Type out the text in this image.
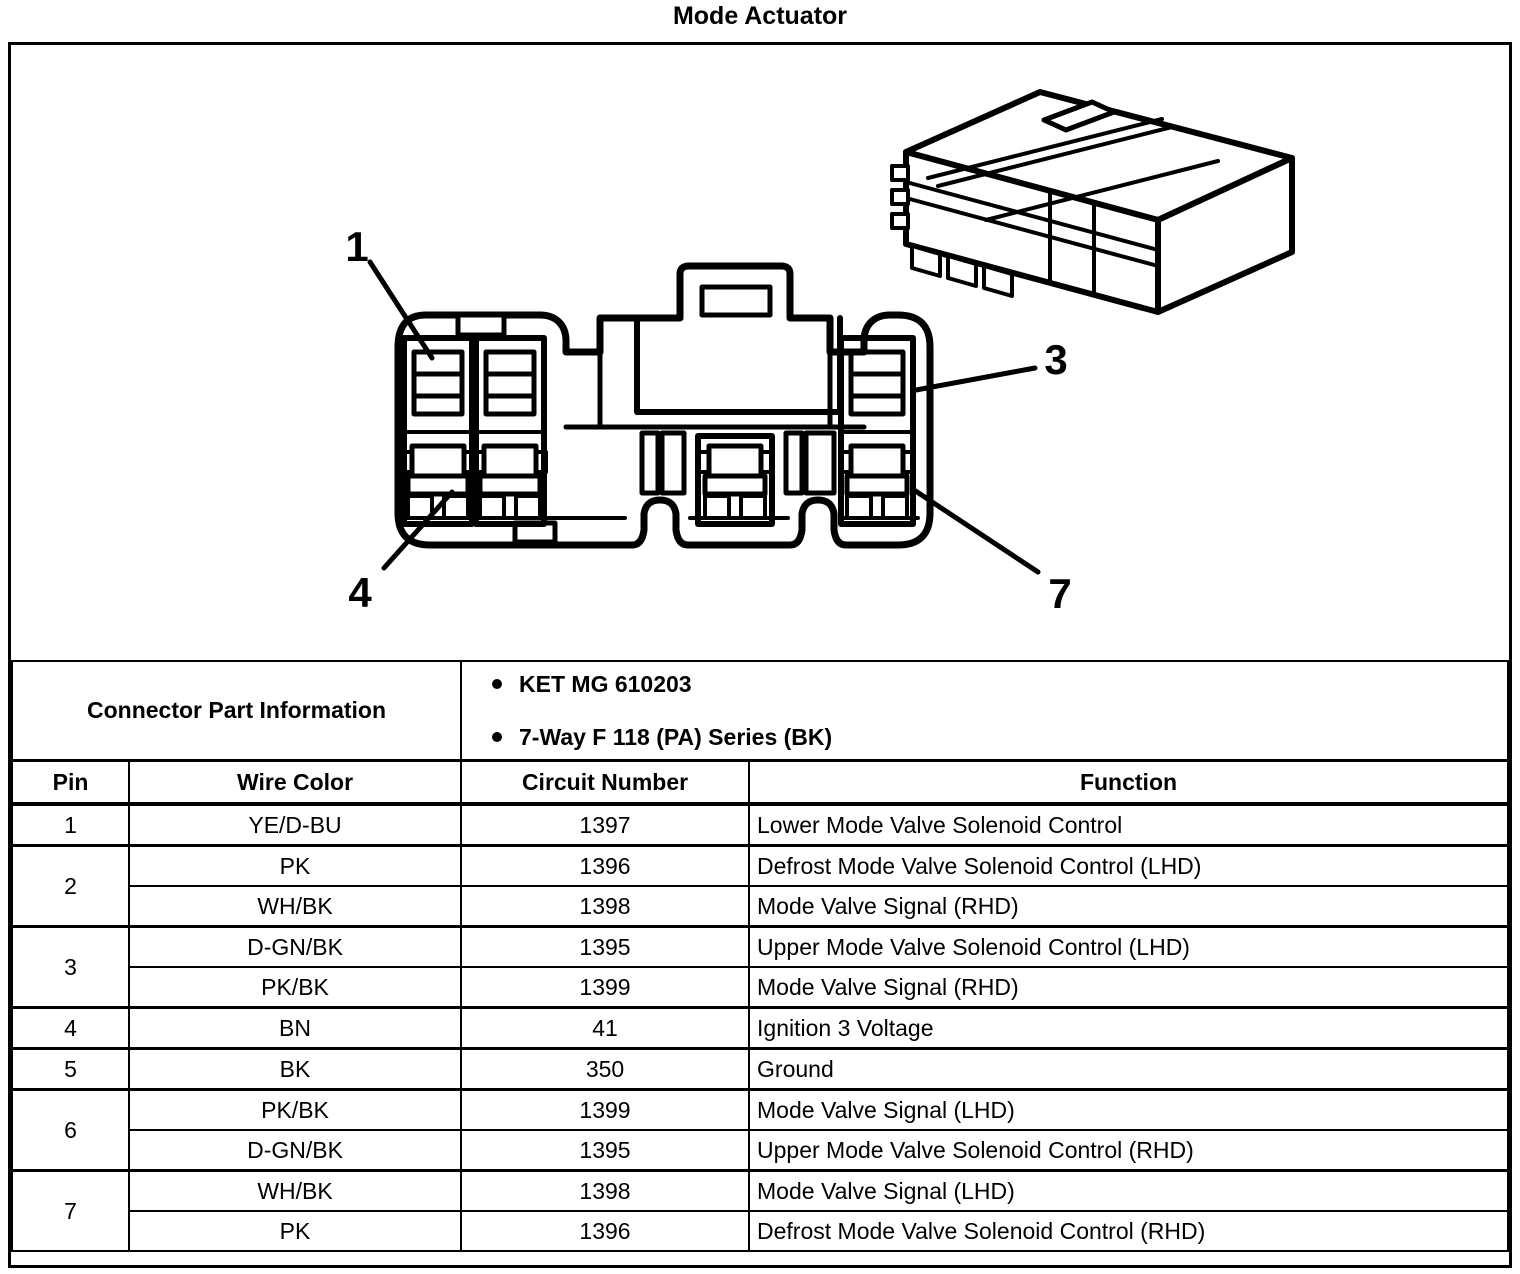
Mode Actuator
1
3
4	7
Connector Part Information		KET MG 610203
7-Way F 118 (PA) Series (BK)	

Pin	Wire Color	Circuit Number	Function
1	YE/D-BU	1397	Lower Mode Valve Solenoid Control
2	PK	1396	Defrost Mode Valve Solenoid Control (LHD)
	WH/BK	1398	Mode Valve Signal (RHD)
3	D-GN/BK	1395	Upper Mode Valve Solenoid Control (LHD)
	PK/BK	1399	Mode Valve Signal (RHD)
4	BN	41	Ignition 3 Voltage
5	BK	350	Ground
6	PK/BK	1399	Mode Valve Signal (LHD)
	D-GN/BK	1395	Upper Mode Valve Solenoid Control (RHD)
7	WH/BK	1398	Mode Valve Signal (LHD)
	PK	1396	Defrost Mode Valve Solenoid Control (RHD)
